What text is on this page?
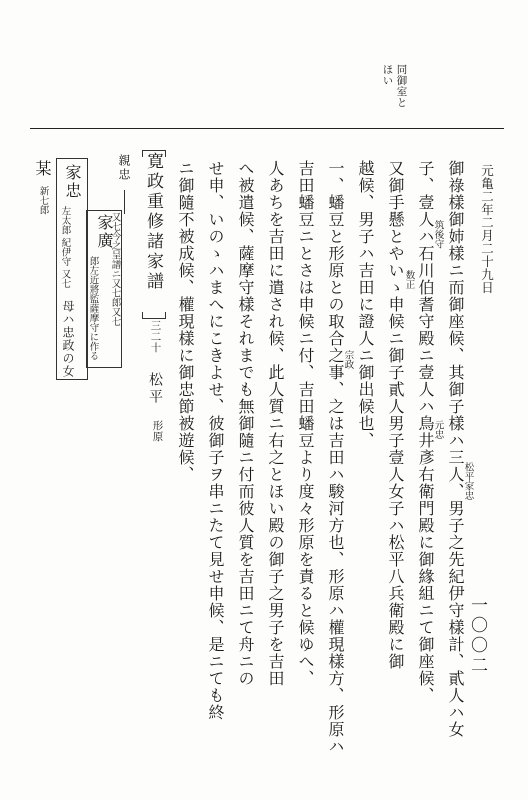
一〇〇二
同御室と
ほい
元亀二年二月二十九日
御祿樣御姉樣ニ而御座候、其御子樣ハ三人、男子之先紀伊守樣計、貳人ハ女
子、壹人ハ石川伯耆守殿ニ壹人ハ鳥井彥右衛門殿に御緣組ニて御座候、
又御手懸とやいゝ申候ニ御子貳人男子壹人女子ハ松平八兵衛殿に御
越候、男子ハ吉田に證人ニ御出候也、
一、蟠豆と形原との取合之事、之は吉田ハ駿河方也、形原ハ權現樣方、形原ハ
吉田蟠豆ニとさは申候ニ付、吉田蟠豆より度々形原を責ると候ゆへ、
人あちを吉田に遣され候、此人質ニ右之とほい殿の御子之男子を吉田
へ被遣候、薩摩守樣それまでも無御隨ニ付而彼人質を吉田ニて舟ニの
せ申、いのゝハまへにこきよせ、彼御子ヲ串ニたて見せ申候、是ニても終
ニ御隨不被成候、權現樣に御忠節被遊候、	松平家忠
筑後守
数正
元忠
宗政
寛政重修諸家譜
三二十
松平
形原
親忠
家廣
又七今之呈譜ニ又七郎又七
郎左近將監薩摩守に作る
家忠
左太郎 紀伊守 又七
母ハ忠政の女
某
新七郎
